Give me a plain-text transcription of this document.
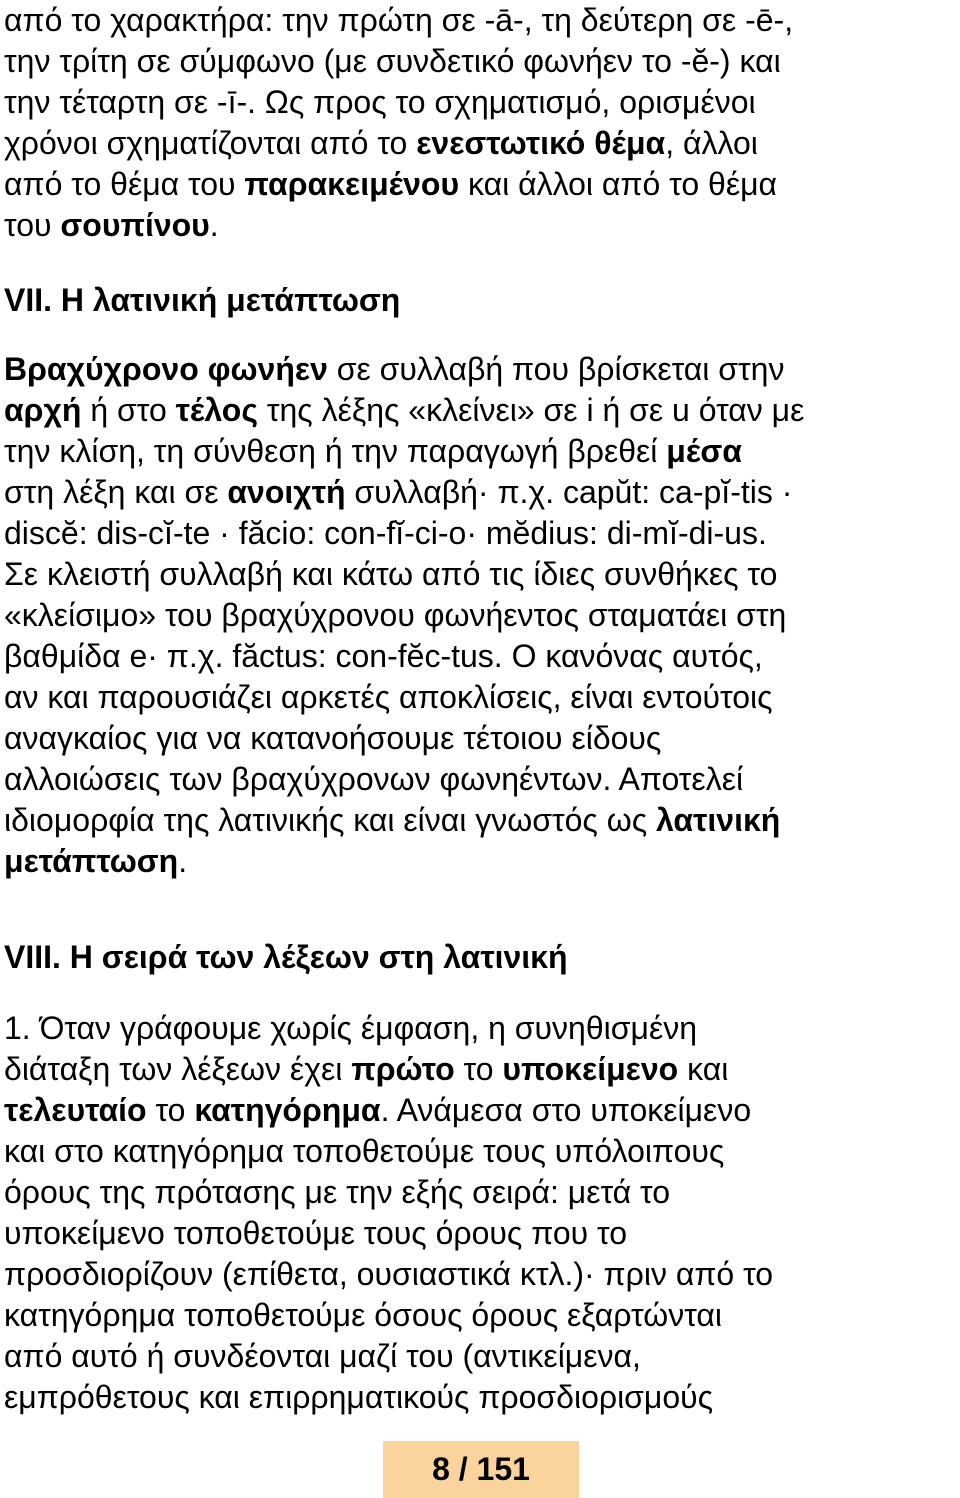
από το χαρακτήρα: την πρώτη σε -ā-, τη δεύτερη σε -ē-,
την τρίτη σε σύμφωνο (με συνδετικό φωνήεν το -ĕ-) και
την τέταρτη σε -ī-. Ως προς το σχηματισμό, ορισμένοι
χρόνοι σχηματίζονται από το ενεστωτικό θέμα, άλλοι
από το θέμα του παρακειμένου και άλλοι από το θέμα
του σουπίνου.
VII. Η λατινική μετάπτωση
Βραχύχρονο φωνήεν σε συλλαβή που βρίσκεται στην
αρχή ή στο τέλος της λέξης «κλείνει» σε i ή σε u όταν με
την κλίση, τη σύνθεση ή την παραγωγή βρεθεί μέσα
στη λέξη και σε ανοιχτή συλλαβή· π.χ. capŭt: ca-pĭ-tis ·
discĕ: dis-cĭ-te · făcio: con-fĭ-ci-o· mĕdius: di-mĭ-di-us.
Σε κλειστή συλλαβή και κάτω από τις ίδιες συνθήκες το
«κλείσιμο» του βραχύχρονου φωνήεντος σταματάει στη
βαθμίδα e· π.χ. făctus: con-fĕc-tus. Ο κανόνας αυτός,
αν και παρουσιάζει αρκετές αποκλίσεις, είναι εντούτοις
αναγκαίος για να κατανοήσουμε τέτοιου είδους
αλλοιώσεις των βραχύχρονων φωνηέντων. Αποτελεί
ιδιομορφία της λατινικής και είναι γνωστός ως λατινική
μετάπτωση.
VIII. Η σειρά των λέξεων στη λατινική
1. Όταν γράφουμε χωρίς έμφαση, η συνηθισμένη
διάταξη των λέξεων έχει πρώτο το υποκείμενο και
τελευταίο το κατηγόρημα. Ανάμεσα στο υποκείμενο
και στο κατηγόρημα τοποθετούμε τους υπόλοιπους
όρους της πρότασης με την εξής σειρά: μετά το
υποκείμενο τοποθετούμε τους όρους που το
προσδιορίζουν (επίθετα, ουσιαστικά κτλ.)· πριν από το
κατηγόρημα τοποθετούμε όσους όρους εξαρτώνται
από αυτό ή συνδέονται μαζί του (αντικείμενα,
εμπρόθετους και επιρρηματικούς προσδιορισμούς
8 / 151
